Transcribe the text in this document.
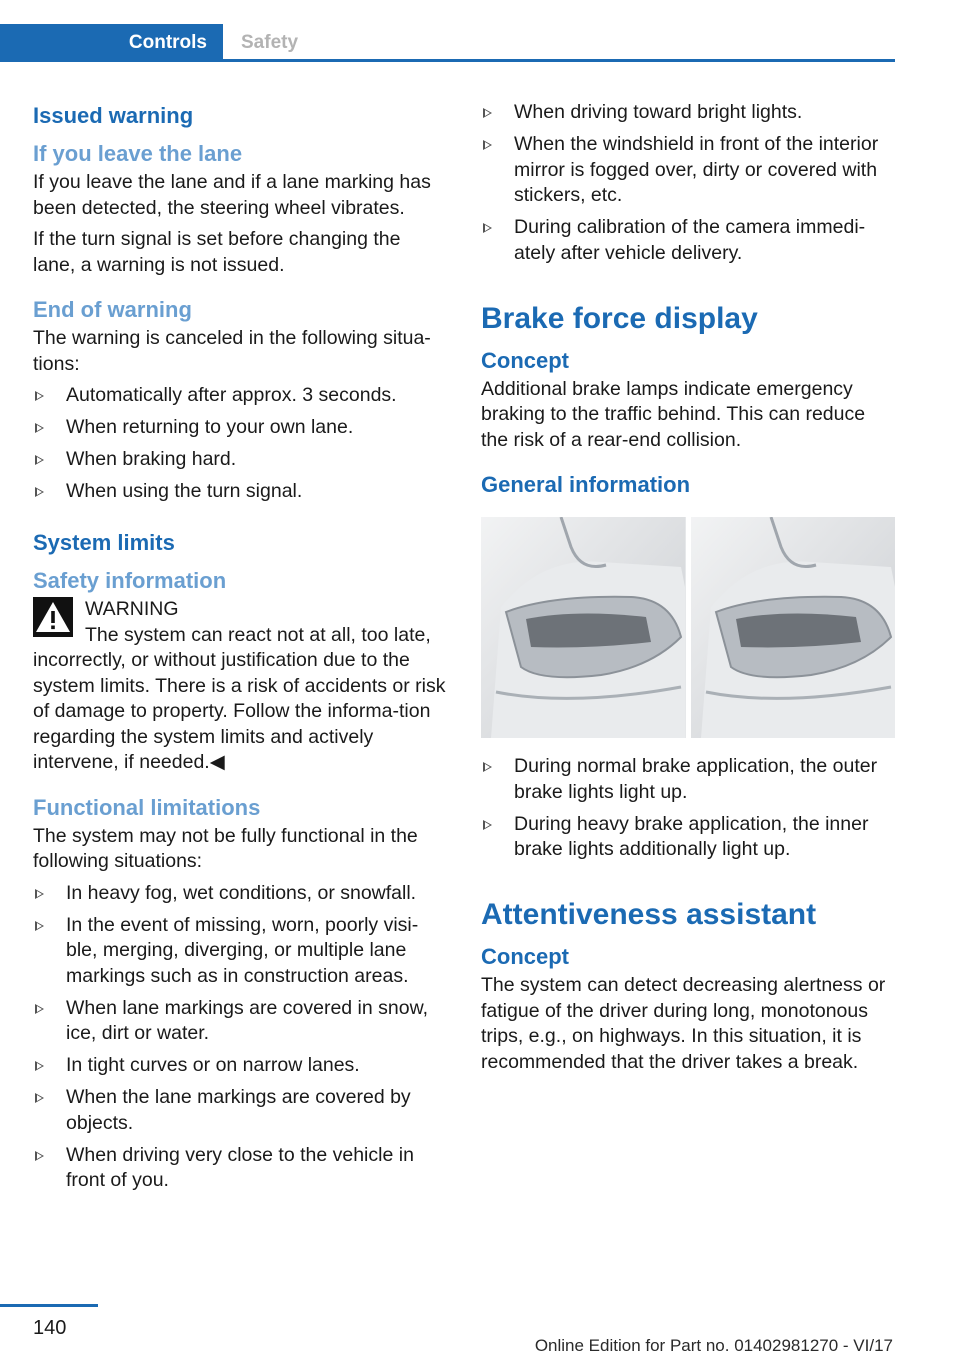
Controls Safety
Issued warning
If you leave the lane

If you leave the lane and if a lane marking has been detected, the steering wheel vibrates.

If the turn signal is set before changing the lane, a warning is not issued.

End of warning

The warning is canceled in the following situa‐tions:

Automatically after approx. 3 seconds.
When returning to your own lane.
When braking hard.
When using the turn signal.
System limits
Safety information

WARNING

The system can react not at all, too late,

incorrectly, or without justification due to the system limits. There is a risk of accidents or risk of damage to property. Follow the informa‐tion regarding the system limits and actively intervene, if needed.◀

Functional limitations

The system may not be fully functional in the following situations:

In heavy fog, wet conditions, or snowfall.
In the event of missing, worn, poorly visi‐ble, merging, diverging, or multiple lane markings such as in construction areas.
When lane markings are covered in snow, ice, dirt or water.
In tight curves or on narrow lanes.
When the lane markings are covered by objects.
When driving very close to the vehicle in front of you.
When driving toward bright lights.
When the windshield in front of the interior mirror is fogged over, dirty or covered with stickers, etc.
During calibration of the camera immedi‐ately after vehicle delivery.
Brake force display
Concept

Additional brake lamps indicate emergency braking to the traffic behind. This can reduce the risk of a rear-end collision.

General information
During normal brake application, the outer brake lights light up.
During heavy brake application, the inner brake lights additionally light up.
Attentiveness assistant
Concept

The system can detect decreasing alertness or fatigue of the driver during long, monotonous trips, e.g., on highways. In this situation, it is recommended that the driver takes a break.

140
Online Edition for Part no. 01402981270 - VI/17
